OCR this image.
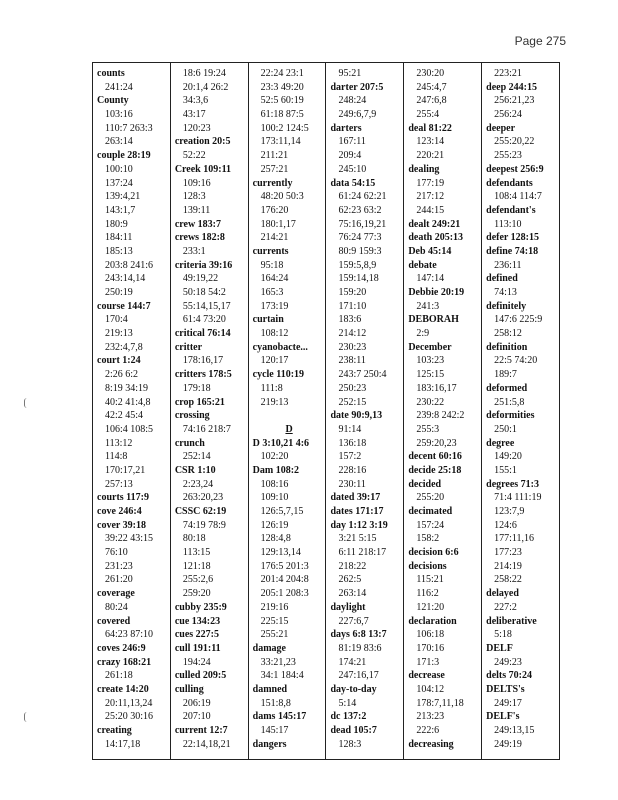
Page 275
counts
241:24
County
103:16
110:7 263:3
263:14
couple 28:19
100:10
137:24
139:4,21
143:1,7
180:9
184:11
185:13
203:8 241:6
243:14,14
250:19
course 144:7
170:4
219:13
232:4,7,8
court 1:24
2:26 6:2
8:19 34:19
40:2 41:4,8
42:2 45:4
106:4 108:5
113:12
114:8
170:17,21
257:13
courts 117:9
cove 246:4
cover 39:18
39:22 43:15
76:10
231:23
261:20
coverage
80:24
covered
64:23 87:10
coves 246:9
crazy 168:21
261:18
create 14:20
20:11,13,24
25:20 30:16
creating
14:17,18
18:6 19:24
20:1,4 26:2
34:3,6
43:17
120:23
creation 20:5
52:22
Creek 109:11
109:16
128:3
139:11
crew 183:7
crews 182:8
233:1
criteria 39:16
49:19,22
50:18 54:2
55:14,15,17
61:4 73:20
critical 76:14
critter
178:16,17
critters 178:5
179:18
crop 165:21
crossing
74:16 218:7
crunch
252:14
CSR 1:10
2:23,24
263:20,23
CSSC 62:19
74:19 78:9
80:18
113:15
121:18
255:2,6
259:20
cubby 235:9
cue 134:23
cues 227:5
cull 191:11
194:24
culled 209:5
culling
206:19
207:10
current 12:7
22:14,18,21
22:24 23:1
23:3 49:20
52:5 60:19
61:18 87:5
100:2 124:5
173:11,14
211:21
257:21
currently
48:20 50:3
176:20
180:1,17
214:21
currents
95:18
164:24
165:3
173:19
curtain
108:12
cyanobacte...
120:17
cycle 110:19
111:8
219:13
D
D 3:10,21 4:6
102:20
Dam 108:2
108:16
109:10
126:5,7,15
126:19
128:4,8
129:13,14
176:5 201:3
201:4 204:8
205:1 208:3
219:16
225:15
255:21
damage
33:21,23
34:1 184:4
damned
151:8,8
dams 145:17
145:17
dangers
95:21
darter 207:5
248:24
249:6,7,9
darters
167:11
209:4
245:10
data 54:15
61:24 62:21
62:23 63:2
75:16,19,21
76:24 77:3
80:9 159:3
159:5,8,9
159:14,18
159:20
171:10
183:6
214:12
230:23
238:11
243:7 250:4
250:23
252:15
date 90:9,13
91:14
136:18
157:2
228:16
230:11
dated 39:17
dates 171:17
day 1:12 3:19
3:21 5:15
6:11 218:17
218:22
262:5
263:14
daylight
227:6,7
days 6:8 13:7
81:19 83:6
174:21
247:16,17
day-to-day
5:14
dc 137:2
dead 105:7
128:3
230:20
245:4,7
247:6,8
255:4
deal 81:22
123:14
220:21
dealing
177:19
217:12
244:15
dealt 249:21
death 205:13
Deb 45:14
debate
147:14
Debbie 20:19
241:3
DEBORAH
2:9
December
103:23
125:15
183:16,17
230:22
239:8 242:2
255:3
259:20,23
decent 60:16
decide 25:18
decided
255:20
decimated
157:24
158:2
decision 6:6
decisions
115:21
116:2
121:20
declaration
106:18
170:16
171:3
decrease
104:12
178:7,11,18
213:23
222:6
decreasing
223:21
deep 244:15
256:21,23
256:24
deeper
255:20,22
255:23
deepest 256:9
defendants
108:4 114:7
defendant's
113:10
defer 128:15
define 74:18
236:11
defined
74:13
definitely
147:6 225:9
258:12
definition
22:5 74:20
189:7
deformed
251:5,8
deformities
250:1
degree
149:20
155:1
degrees 71:3
71:4 111:19
123:7,9
124:6
177:11,16
177:23
214:19
258:22
delayed
227:2
deliberative
5:18
DELF
249:23
delts 70:24
DELTS's
249:17
DELF's
249:13,15
249:19
